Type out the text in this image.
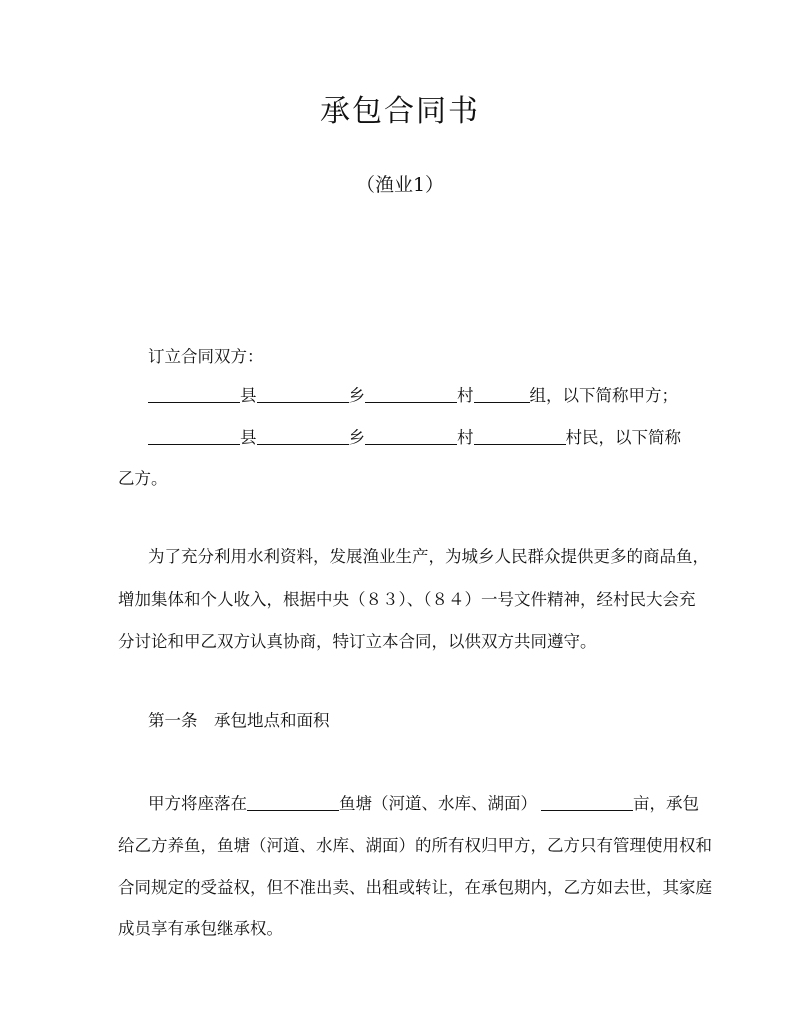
承包合同书
（渔业1）
订立合同双方：
县	乡	村	组，以下简称甲方；
县	乡	村	村民，以下简称
乙方。
为了充分利用水利资料，发展渔业生产，为城乡人民群众提供更多的商品鱼，
增加集体和个人收入，根据中央（８３）、（８４）一号文件精神，经村民大会充
分讨论和甲乙双方认真协商，特订立本合同，以供双方共同遵守。
第一条　承包地点和面积
甲方将座落在	鱼塘（河道、水库、湖面）	亩，承包
给乙方养鱼，鱼塘（河道、水库、湖面）的所有权归甲方，乙方只有管理使用权和
合同规定的受益权，但不准出卖、出租或转让，在承包期内，乙方如去世，其家庭
成员享有承包继承权。
